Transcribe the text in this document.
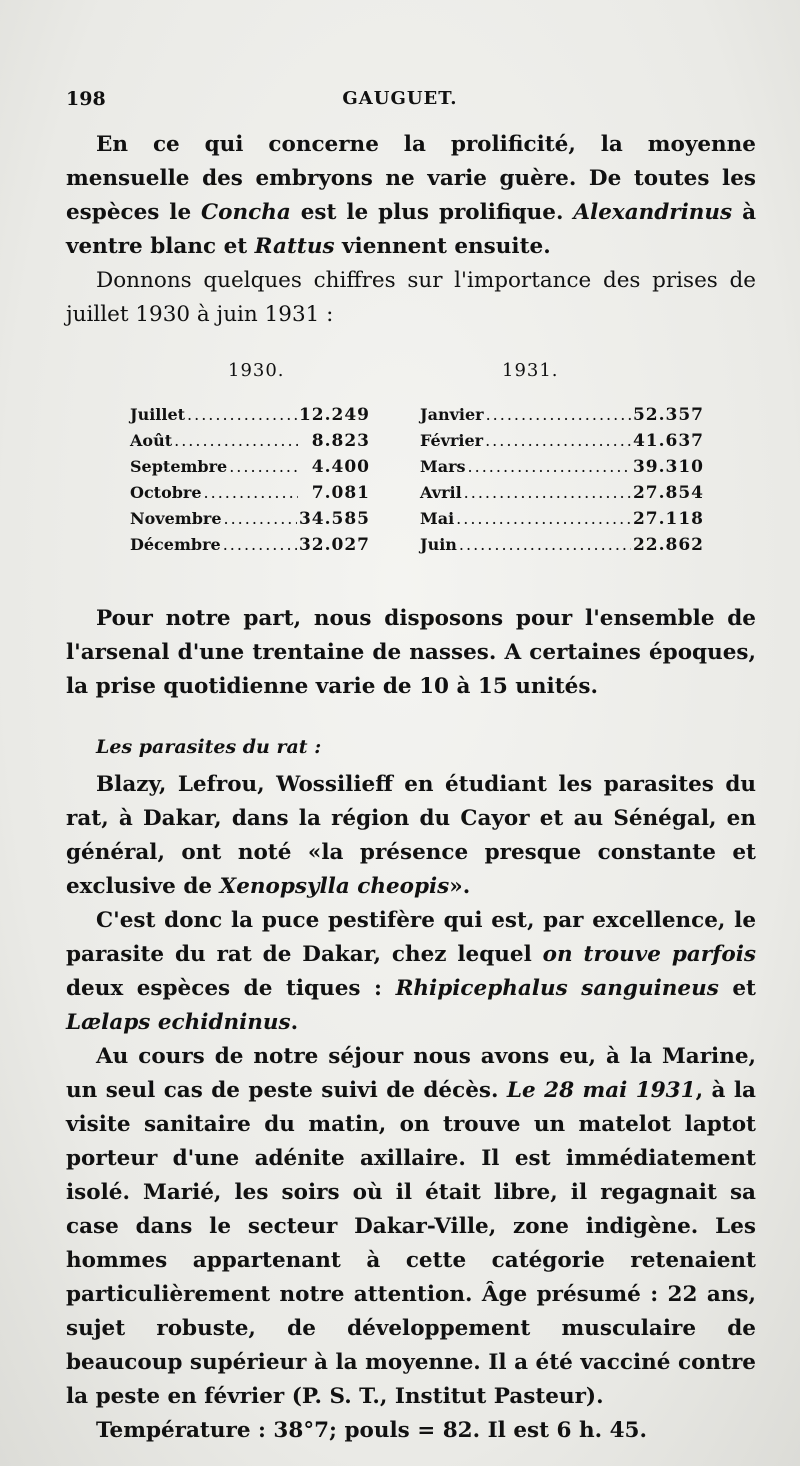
198	GAUGUET.

En ce qui concerne la prolificité, la moyenne mensuelle des embryons ne varie guère. De toutes les espèces le Concha est le plus prolifique. Alexandrinus à ventre blanc et Rattus viennent ensuite.

Donnons quelques chiffres sur l'importance des prises de juillet 1930 à juin 1931 :

1930.	1931.
Juillet .....	12.249
Août .....	8.823
Septembre .....	4.400
Octobre .....	7.081
Novembre .....	34.585
Décembre .....	32.027
Janvier .....	52.357
Février .....	41.637
Mars .....	39.310
Avril .....	27.854
Mai .....	27.118
Juin .....	22.862

Pour notre part, nous disposons pour l'ensemble de l'arsenal d'une trentaine de nasses. A certaines époques, la prise quotidienne varie de 10 à 15 unités.

Les parasites du rat :

Blazy, Lefrou, Wossilieff en étudiant les parasites du rat, à Dakar, dans la région du Cayor et au Sénégal, en général, ont noté «la présence presque constante et exclusive de Xenopsylla cheopis».

C'est donc la puce pestifère qui est, par excellence, le parasite du rat de Dakar, chez lequel on trouve parfois deux espèces de tiques : Rhipicephalus sanguineus et Lælaps echidninus.

Au cours de notre séjour nous avons eu, à la Marine, un seul cas de peste suivi de décès. Le 28 mai 1931, à la visite sanitaire du matin, on trouve un matelot laptot porteur d'une adénite axillaire. Il est immédiatement isolé. Marié, les soirs où il était libre, il regagnait sa case dans le secteur Dakar-Ville, zone indigène. Les hommes appartenant à cette catégorie retenaient particulièrement notre attention. Âge présumé : 22 ans, sujet robuste, de développement musculaire de beaucoup supérieur à la moyenne. Il a été vacciné contre la peste en février (P. S. T., Institut Pasteur).

Température : 38°7; pouls = 82. Il est 6 h. 45.
